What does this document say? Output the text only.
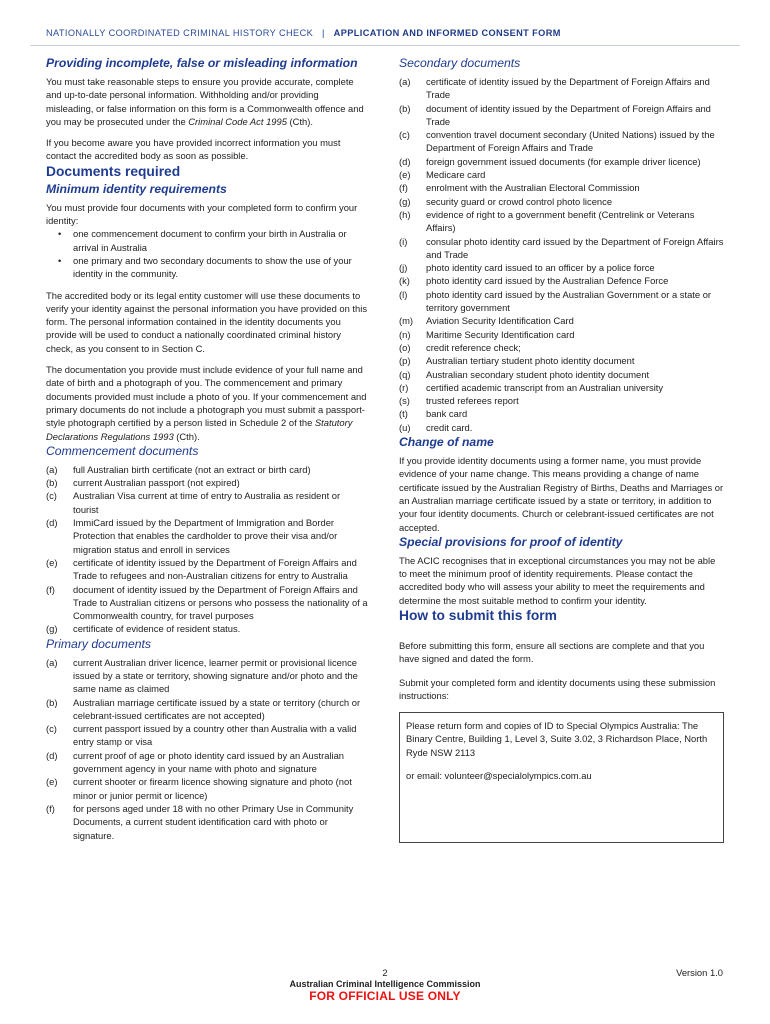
NATIONALLY COORDINATED CRIMINAL HISTORY CHECK | APPLICATION AND INFORMED CONSENT FORM
Providing incomplete, false or misleading information

You must take reasonable steps to ensure you provide accurate, complete and up-to-date personal information. Withholding and/or providing misleading, or false information on this form is a Commonwealth offence and you may be prosecuted under the Criminal Code Act 1995 (Cth).

If you become aware you have provided incorrect information you must contact the accredited body as soon as possible.

Documents required
Minimum identity requirements

You must provide four documents with your completed form to confirm your identity:

• one commencement document to confirm your birth in Australia or arrival in Australia
• one primary and two secondary documents to show the use of your identity in the community.

The accredited body or its legal entity customer will use these documents to verify your identity against the personal information you have provided on this form. The personal information contained in the identity documents you provide will be used to conduct a nationally coordinated criminal history check, as you consent to in Section C.

The documentation you provide must include evidence of your full name and date of birth and a photograph of you. The commencement and primary documents provided must include a photo of you. If your commencement and primary documents do not include a photograph you must submit a passport-style photograph certified by a person listed in Schedule 2 of the Statutory Declarations Regulations 1993 (Cth).

Commencement documents
(a)	full Australian birth certificate (not an extract or birth card)
(b)	current Australian passport (not expired)
(c)	Australian Visa current at time of entry to Australia as resident or tourist
(d)	ImmiCard issued by the Department of Immigration and Border Protection that enables the cardholder to prove their visa and/or migration status and enroll in services
(e)	certificate of identity issued by the Department of Foreign Affairs and Trade to refugees and non-Australian citizens for entry to Australia
(f)	document of identity issued by the Department of Foreign Affairs and Trade to Australian citizens or persons who possess the nationality of a Commonwealth country, for travel purposes
(g)	certificate of evidence of resident status.
Primary documents
(a)	current Australian driver licence, learner permit or provisional licence issued by a state or territory, showing signature and/or photo and the same name as claimed
(b)	Australian marriage certificate issued by a state or territory (church or celebrant-issued certificates are not accepted)
(c)	current passport issued by a country other than Australia with a valid entry stamp or visa
(d)	current proof of age or photo identity card issued by an Australian government agency in your name with photo and signature
(e)	current shooter or firearm licence showing signature and photo (not minor or junior permit or licence)
(f)	for persons aged under 18 with no other Primary Use in Community Documents, a current student identification card with photo or signature.
Secondary documents
(a)	certificate of identity issued by the Department of Foreign Affairs and Trade
(b)	document of identity issued by the Department of Foreign Affairs and Trade
(c)	convention travel document secondary (United Nations) issued by the Department of Foreign Affairs and Trade
(d)	foreign government issued documents (for example driver licence)
(e)	Medicare card
(f)	enrolment with the Australian Electoral Commission
(g)	security guard or crowd control photo licence
(h)	evidence of right to a government benefit (Centrelink or Veterans Affairs)
(i)	consular photo identity card issued by the Department of Foreign Affairs and Trade
(j)	photo identity card issued to an officer by a police force
(k)	photo identity card issued by the Australian Defence Force
(l)	photo identity card issued by the Australian Government or a state or territory government
(m)	Aviation Security Identification Card
(n)	Maritime Security Identification card
(o)	credit reference check;
(p)	Australian tertiary student photo identity document
(q)	Australian secondary student photo identity document
(r)	certified academic transcript from an Australian university
(s)	trusted referees report
(t)	bank card
(u)	credit card.
Change of name

If you provide identity documents using a former name, you must provide evidence of your name change. This means providing a change of name certificate issued by the Australian Registry of Births, Deaths and Marriages or an Australian marriage certificate issued by a state or territory, in addition to your four identity documents. Church or celebrant-issued certificates are not accepted.

Special provisions for proof of identity

The ACIC recognises that in exceptional circumstances you may not be able to meet the minimum proof of identity requirements. Please contact the accredited body who will assess your ability to meet the requirements and determine the most suitable method to confirm your identity.

How to submit this form

Before submitting this form, ensure all sections are complete and that you have signed and dated the form.

Submit your completed form and identity documents using these submission instructions:

Please return form and copies of ID to Special Olympics Australia: The Binary Centre, Building 1, Level 3, Suite 3.02, 3 Richardson Place, North Ryde NSW 2113

or email: volunteer@specialolympics.com.au

2	Version 1.0
Australian Criminal Intelligence Commission
FOR OFFICIAL USE ONLY
